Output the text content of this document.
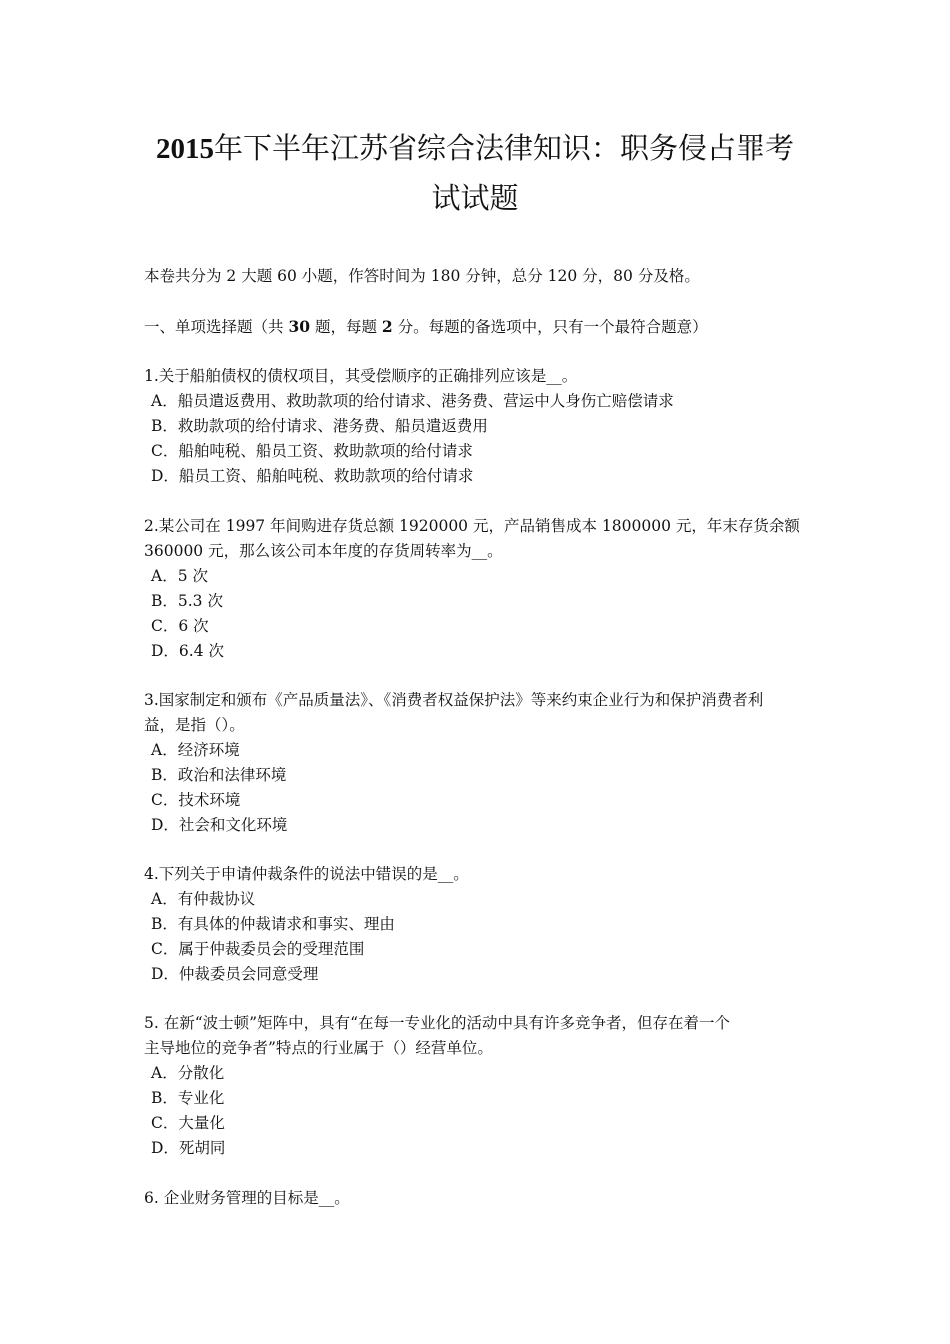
2015年下半年江苏省综合法律知识：职务侵占罪考
试试题
本卷共分为 2 大题 60 小题，作答时间为 180 分钟，总分 120 分，80 分及格。
一、单项选择题（共 30 题，每题 2 分。每题的备选项中，只有一个最符合题意）
1.关于船舶债权的债权项目，其受偿顺序的正确排列应该是__。
A．船员遣返费用、救助款项的给付请求、港务费、营运中人身伤亡赔偿请求
B．救助款项的给付请求、港务费、船员遣返费用
C．船舶吨税、船员工资、救助款项的给付请求
D．船员工资、船舶吨税、救助款项的给付请求
2.某公司在 1997 年间购进存货总额 1920000 元，产品销售成本 1800000 元，年末存货余额
360000 元，那么该公司本年度的存货周转率为__。
A．5 次
B．5.3 次
C．6 次
D．6.4 次
3.国家制定和颁布《产品质量法》、《消费者权益保护法》等来约束企业行为和保护消费者利
益，是指（）。
A．经济环境
B．政治和法律环境
C．技术环境
D．社会和文化环境
4.下列关于申请仲裁条件的说法中错误的是__。
A．有仲裁协议
B．有具体的仲裁请求和事实、理由
C．属于仲裁委员会的受理范围
D．仲裁委员会同意受理
5. 在新“波士顿”矩阵中，具有“在每一专业化的活动中具有许多竞争者，但存在着一个
主导地位的竞争者”特点的行业属于（）经营单位。
A．分散化
B．专业化
C．大量化
D．死胡同
6. 企业财务管理的目标是__。
